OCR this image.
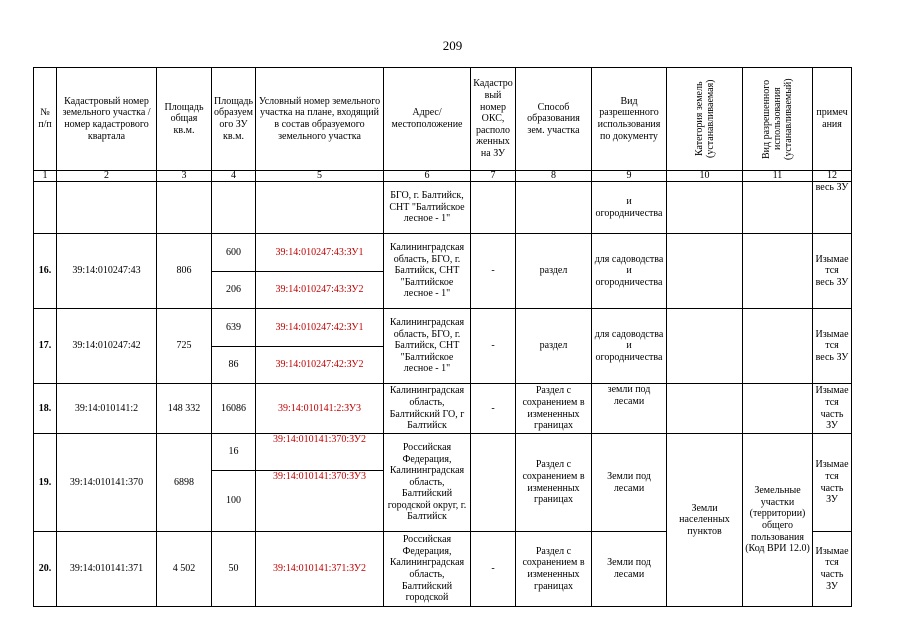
209
№ п/п	Кадастровый номер земельного участка /номер кадастрового квартала	Площадь общая кв.м.	Площадь образуемого ЗУ кв.м.	Условный номер земельного участка на плане, входящий в состав образуемого земельного участка	Адрес/ местоположение	Кадастровый номер ОКС, расположенных на ЗУ	Способ образования зем. участка	Вид разрешенного использования по документу	Категория земель (устанавливаемая)	Вид разрешенного использования (устанавливаемый)	примечания
1	2	3	4	5	6	7	8	9	10	11	12
					БГО, г. Балтийск, СНТ "Балтийское лесное - 1"			и огородничества			весь ЗУ
16.	39:14:010247:43	806	600	39:14:010247:43:ЗУ1	Калининградская область, БГО, г. Балтийск, СНТ "Балтийское лесное - 1"	-	раздел	для садоводства и огородничества			Изымается весь ЗУ
			206	39:14:010247:43:ЗУ2							
17.	39:14:010247:42	725	639	39:14:010247:42:ЗУ1	Калининградская область, БГО, г. Балтийск, СНТ "Балтийское лесное - 1"	-	раздел	для садоводства и огородничества			Изымается весь ЗУ
			86	39:14:010247:42:ЗУ2							
18.	39:14:010141:2	148 332	16086	39:14:010141:2:ЗУ3	Калининградская область, Балтийский ГО, г Балтийск	-	Раздел с сохранением в измененных границах	земли под лесами			Изымается часть ЗУ
19.	39:14:010141:370	6898	16	39:14:010141:370:ЗУ2	Российская Федерация, Калининградская область, Балтийский городской округ, г. Балтийск		Раздел с сохранением в измененных границах	Земли под лесами	Земли населенных пунктов	Земельные участки (территории) общего пользования (Код ВРИ 12.0)	Изымается часть ЗУ
			100	39:14:010141:370:ЗУ3							
20.	39:14:010141:371	4 502	50	39:14:010141:371:ЗУ2	Российская Федерация, Калининградская область, Балтийский городской	-	Раздел с сохранением в измененных границах	Земли под лесами			Изымается часть ЗУ
